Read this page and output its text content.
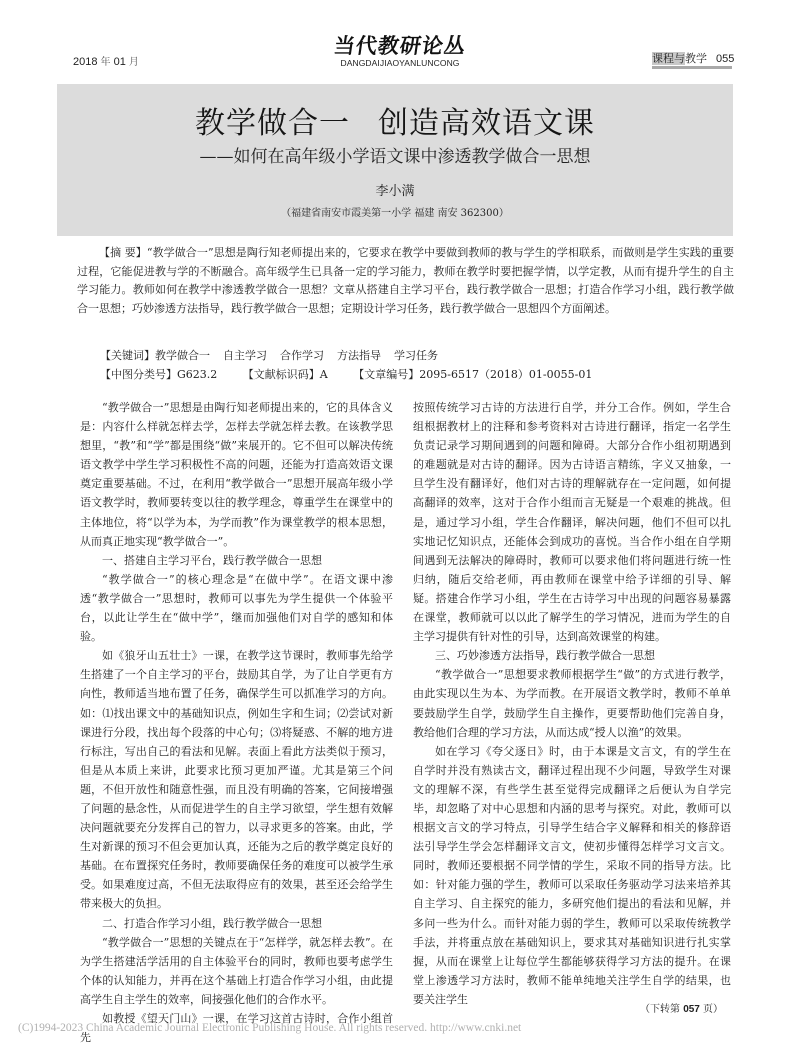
2018 年 01 月
当代教研论丛
DANGDAIJIAOYANLUNCONG	课程与教学 055
教学做合一 创造高效语文课
——如何在高年级小学语文课中渗透教学做合一思想
李小满
（福建省南安市霞美第一小学 福建 南安 362300）

【摘 要】“教学做合一”思想是陶行知老师提出来的，它要求在教学中要做到教师的教与学生的学相联系，而做则是学生实践的重要过程，它能促进教与学的不断融合。高年级学生已具备一定的学习能力，教师在教学时要把握学情，以学定教，从而有提升学生的自主学习能力。教师如何在教学中渗透教学做合一思想？文章从搭建自主学习平台，践行教学做合一思想；打造合作学习小组，践行教学做合一思想；巧妙渗透方法指导，践行教学做合一思想；定期设计学习任务，践行教学做合一思想四个方面阐述。

【关键词】教学做合一 自主学习 合作学习 方法指导 学习任务
【中图分类号】G623.2 【文献标识码】A 【文章编号】2095-6517（2018）01-0055-01

“教学做合一”思想是由陶行知老师提出来的，它的具体含义是：内容什么样就怎样去学，怎样去学就怎样去教。在该教学思想里，“教”和“学”都是围绕“做”来展开的。它不但可以解决传统语文教学中学生学习积极性不高的问题，还能为打造高效语文课奠定重要基础。不过，在利用“教学做合一”思想开展高年级小学语文教学时，教师要转变以往的教学理念，尊重学生在课堂中的主体地位，将“以学为本，为学而教”作为课堂教学的根本思想，从而真正地实现“教学做合一”。

一、搭建自主学习平台，践行教学做合一思想

“教学做合一”的核心理念是“在做中学”。在语文课中渗透“教学做合一”思想时，教师可以事先为学生提供一个体验平台，以此让学生在“做中学”，继而加强他们对自学的感知和体验。

如《狼牙山五壮士》一课，在教学这节课时，教师事先给学生搭建了一个自主学习的平台，鼓励其自学，为了让自学更有方向性，教师适当地布置了任务，确保学生可以抓准学习的方向。如：⑴找出课文中的基础知识点，例如生字和生词；⑵尝试对新课进行分段，找出每个段落的中心句；⑶将疑惑、不解的地方进行标注，写出自己的看法和见解。表面上看此方法类似于预习，但是从本质上来讲，此要求比预习更加严谨。尤其是第三个问题，不但开放性和随意性强，而且没有明确的答案，它间接增强了问题的悬念性，从而促进学生的自主学习欲望，学生想有效解决问题就要充分发挥自己的智力，以寻求更多的答案。由此，学生对新课的预习不但会更加认真，还能为之后的教学奠定良好的基础。在布置探究任务时，教师要确保任务的难度可以被学生承受。如果难度过高，不但无法取得应有的效果，甚至还会给学生带来极大的负担。

二、打造合作学习小组，践行教学做合一思想

“教学做合一”思想的关键点在于“怎样学，就怎样去教”。在为学生搭建活学活用的自主体验平台的同时，教师也要考虑学生个体的认知能力，并再在这个基础上打造合作学习小组，由此提高学生自主学生的效率，间接强化他们的合作水平。

如教授《望天门山》一课，在学习这首古诗时，合作小组首先

按照传统学习古诗的方法进行自学，并分工合作。例如，学生合组根据教材上的注释和参考资料对古诗进行翻译，指定一名学生负责记录学习期间遇到的问题和障碍。大部分合作小组初期遇到的难题就是对古诗的翻译。因为古诗语言精练，字义又抽象，一旦学生没有翻译好，他们对古诗的理解就存在一定问题，如何提高翻译的效率，这对于合作小组而言无疑是一个艰难的挑战。但是，通过学习小组，学生合作翻译，解决问题，他们不但可以扎实地记忆知识点，还能体会到成功的喜悦。当合作小组在自学期间遇到无法解决的障碍时，教师可以要求他们将问题进行统一性归纳，随后交给老师，再由教师在课堂中给予详细的引导、解疑。搭建合作学习小组，学生在古诗学习中出现的问题容易暴露在课堂，教师就可以以此了解学生的学习情况，进而为学生的自主学习提供有针对性的引导，达到高效课堂的构建。

三、巧妙渗透方法指导，践行教学做合一思想

“教学做合一”思想要求教师根据学生“做”的方式进行教学，由此实现以生为本、为学而教。在开展语文教学时，教师不单单要鼓励学生自学，鼓励学生自主操作，更要帮助他们完善自身，教给他们合理的学习方法，从而达成“授人以渔”的效果。

如在学习《夸父逐日》时，由于本课是文言文，有的学生在自学时并没有熟读古文，翻译过程出现不少问题，导致学生对课文的理解不深，有些学生甚至觉得完成翻译之后便认为自学完毕，却忽略了对中心思想和内涵的思考与探究。对此，教师可以根据文言文的学习特点，引导学生结合字义解释和相关的修辞语法引导学生学会怎样翻译文言文，使初步懂得怎样学习文言文。同时，教师还要根据不同学情的学生，采取不同的指导方法。比如：针对能力强的学生，教师可以采取任务驱动学习法来培养其自主学习、自主探究的能力，多研究他们提出的看法和见解，并多问一些为什么。而针对能力弱的学生，教师可以采取传统教学手法，并将重点放在基础知识上，要求其对基础知识进行扎实掌握，从而在课堂上让每位学生都能够获得学习方法的提升。在课堂上渗透学习方法时，教师不能单纯地关注学生自学的结果，也要关注学生

（下转第 057 页）
(C)1994-2023 China Academic Journal Electronic Publishing House. All rights reserved. http://www.cnki.net
